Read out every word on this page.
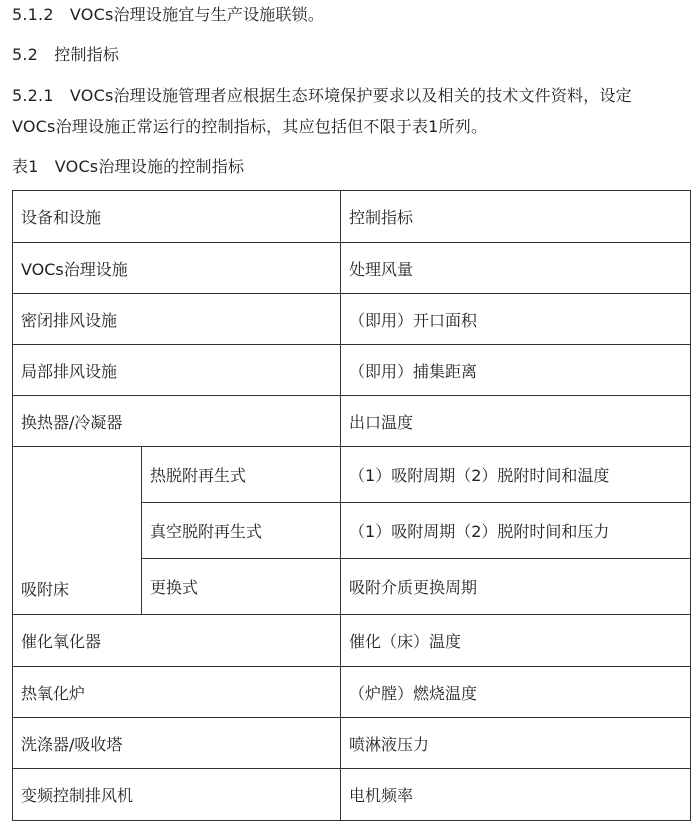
5.1.2　VOCs治理设施宜与生产设施联锁。
5.2　控制指标
5.2.1　VOCs治理设施管理者应根据生态环境保护要求以及相关的技术文件资料，设定
VOCs治理设施正常运行的控制指标，其应包括但不限于表1所列。
表1　VOCs治理设施的控制指标
设备和设施		控制指标
VOCs治理设施		处理风量
密闭排风设施		（即用）开口面积
局部排风设施		（即用）捕集距离
换热器/冷凝器		出口温度
吸附床	热脱附再生式	（1）吸附周期（2）脱附时间和温度
	真空脱附再生式	（1）吸附周期（2）脱附时间和压力
	更换式	吸附介质更换周期
催化氧化器		催化（床）温度
热氧化炉		（炉膛）燃烧温度
洗涤器/吸收塔		喷淋液压力
变频控制排风机		电机频率
